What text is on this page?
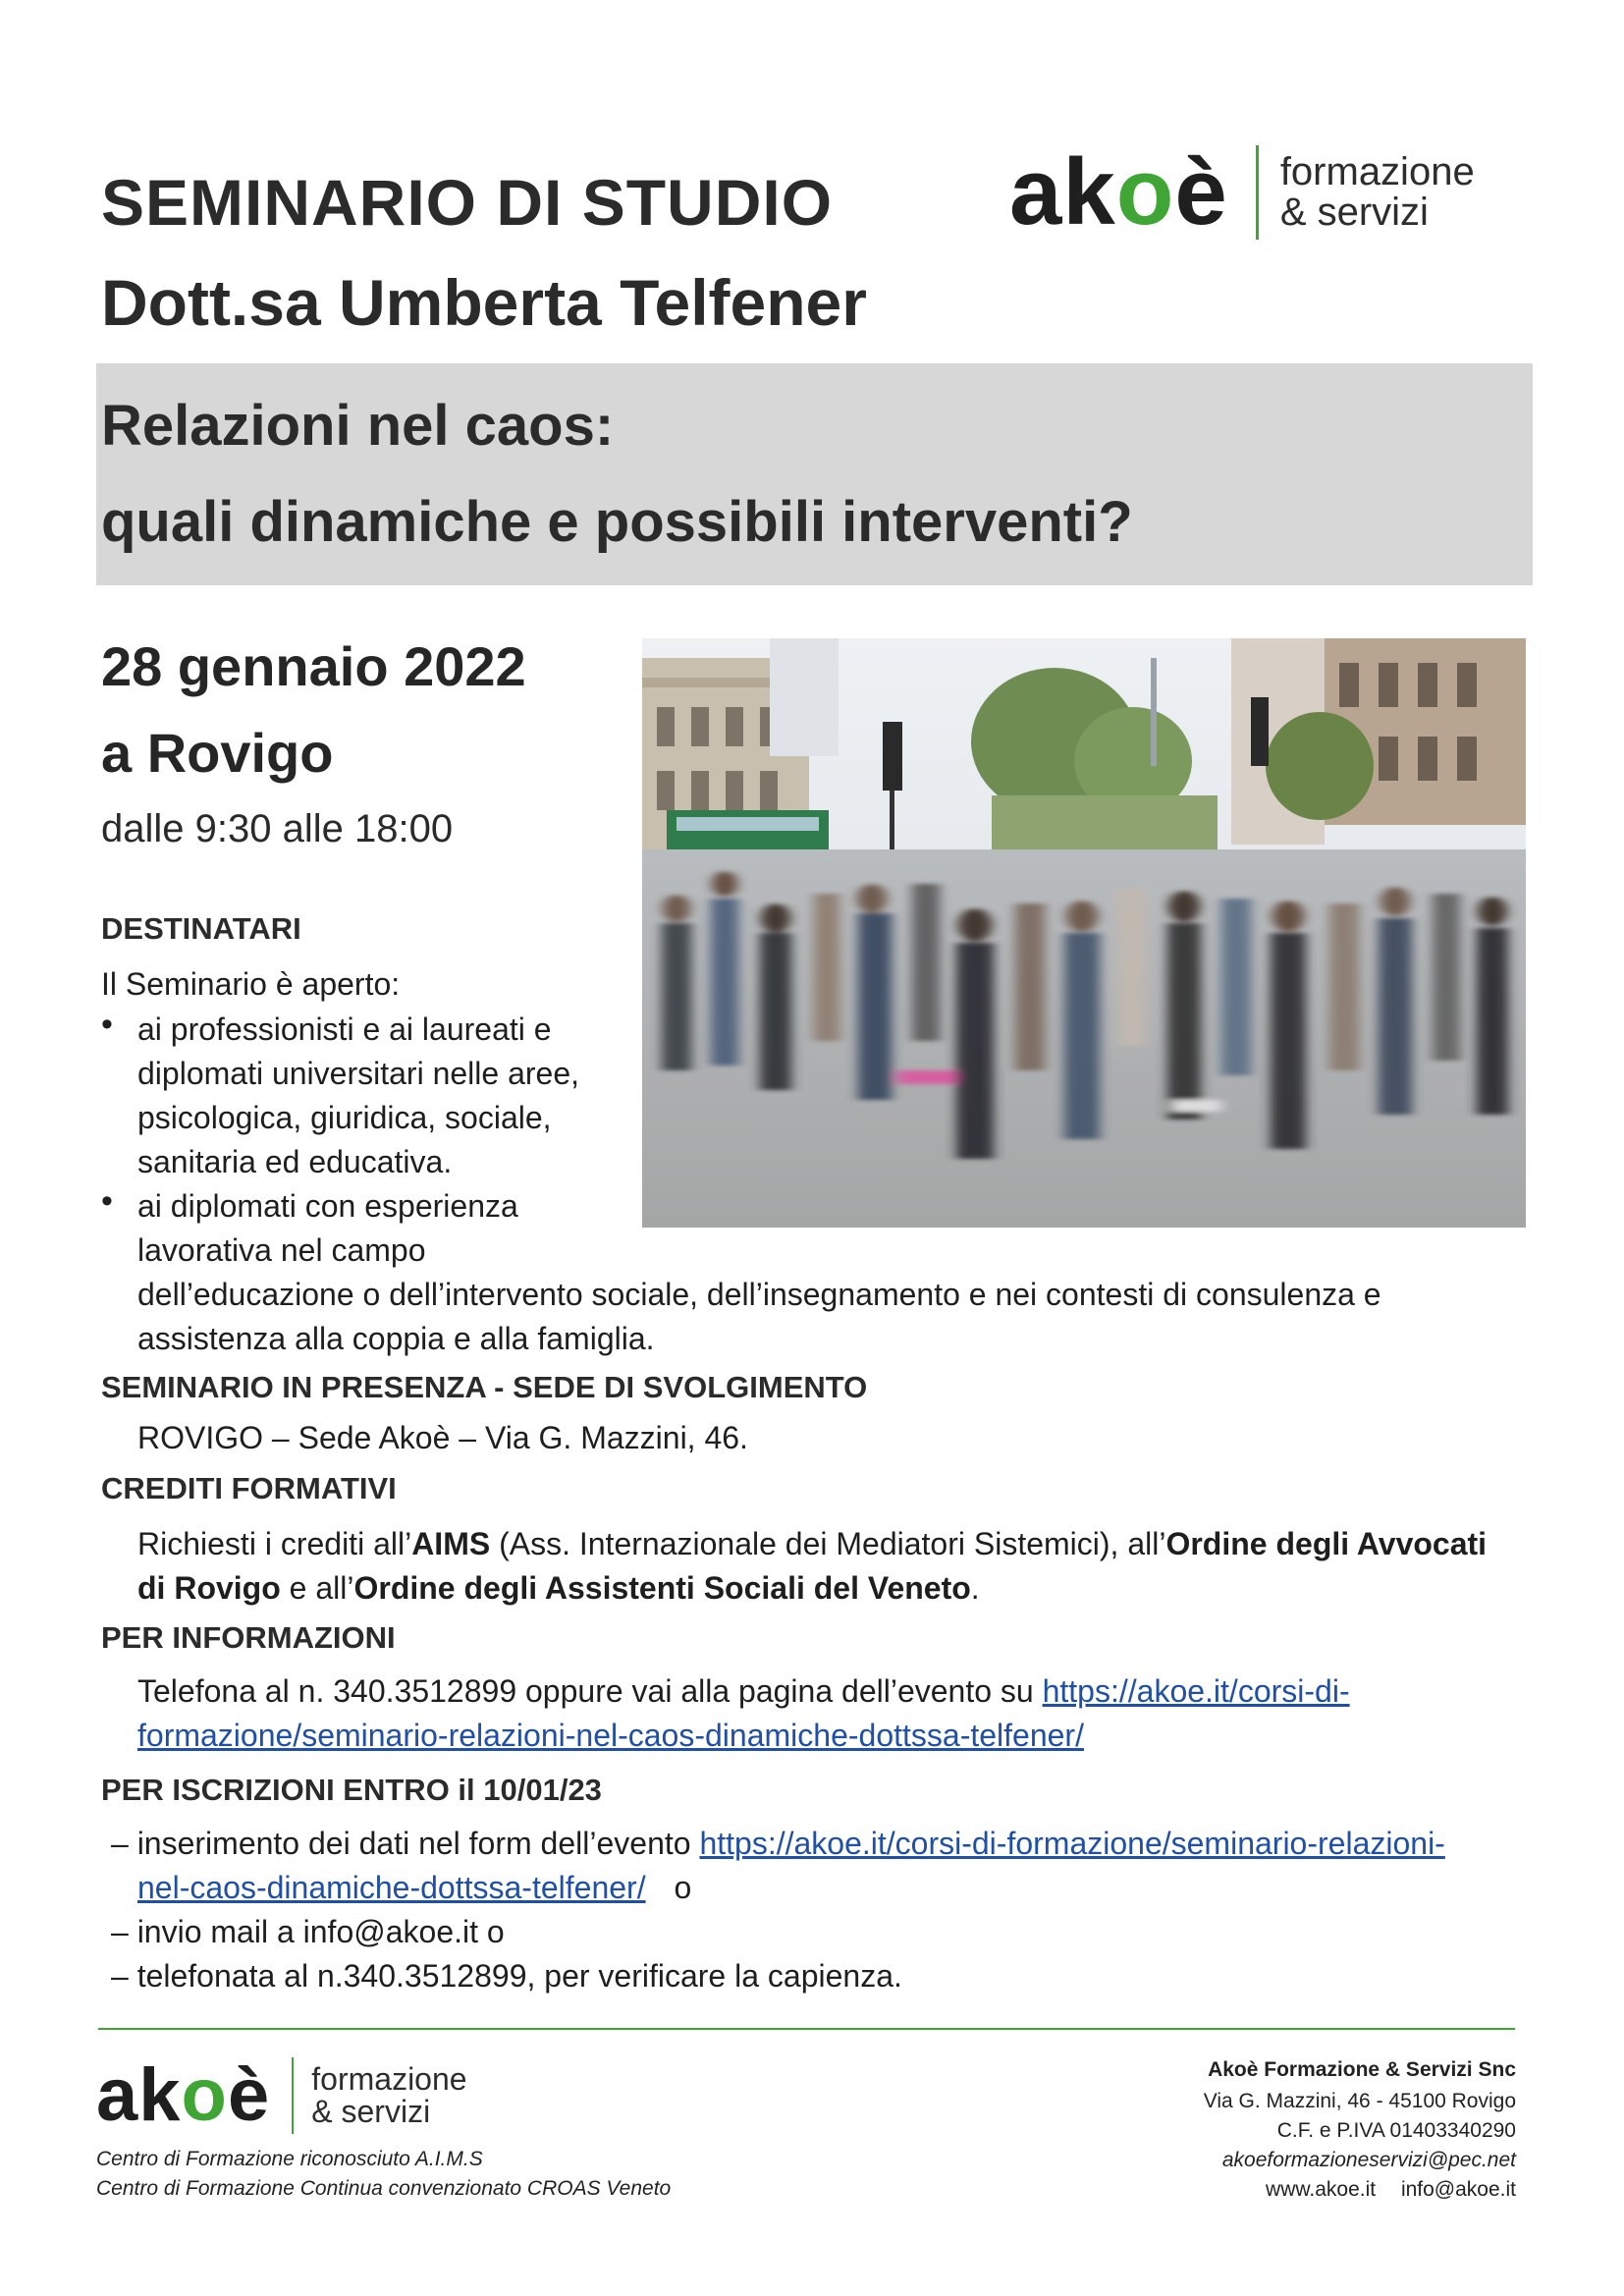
SEMINARIO DI STUDIO
Dott.sa Umberta Telfener
akoè formazione
& servizi
Relazioni nel caos:
quali dinamiche e possibili interventi?
28 gennaio 2022
a Rovigo
dalle 9:30 alle 18:00
DESTINATARI
Il Seminario è aperto:
• ai professionisti e ai laureati e
diplomati universitari nelle aree,
psicologica, giuridica, sociale,
sanitaria ed educativa.
• ai diplomati con esperienza
lavorativa nel campo
dell’educazione o dell’intervento sociale, dell’insegnamento e nei contesti di consulenza e
assistenza alla coppia e alla famiglia.
SEMINARIO IN PRESENZA - SEDE DI SVOLGIMENTO
ROVIGO – Sede Akoè – Via G. Mazzini, 46.
CREDITI FORMATIVI
Richiesti i crediti all’AIMS (Ass. Internazionale dei Mediatori Sistemici), all’Ordine degli Avvocati
di Rovigo e all’Ordine degli Assistenti Sociali del Veneto.
PER INFORMAZIONI
Telefona al n. 340.3512899 oppure vai alla pagina dell’evento su https://akoe.it/corsi-di-
formazione/seminario-relazioni-nel-caos-dinamiche-dottssa-telfener/
PER ISCRIZIONI ENTRO il 10/01/23
– inserimento dei dati nel form dell’evento https://akoe.it/corsi-di-formazione/seminario-relazioni-
nel-caos-dinamiche-dottssa-telfener/ o
– invio mail a info@akoe.it o
– telefonata al n.340.3512899, per verificare la capienza.
akoè formazione
& servizi
Centro di Formazione riconosciuto A.I.M.S
Centro di Formazione Continua convenzionato CROAS Veneto
Akoè Formazione & Servizi Snc
Via G. Mazzini, 46 - 45100 Rovigo
C.F. e P.IVA 01403340290
akoeformazioneservizi@pec.net
www.akoe.it info@akoe.it
